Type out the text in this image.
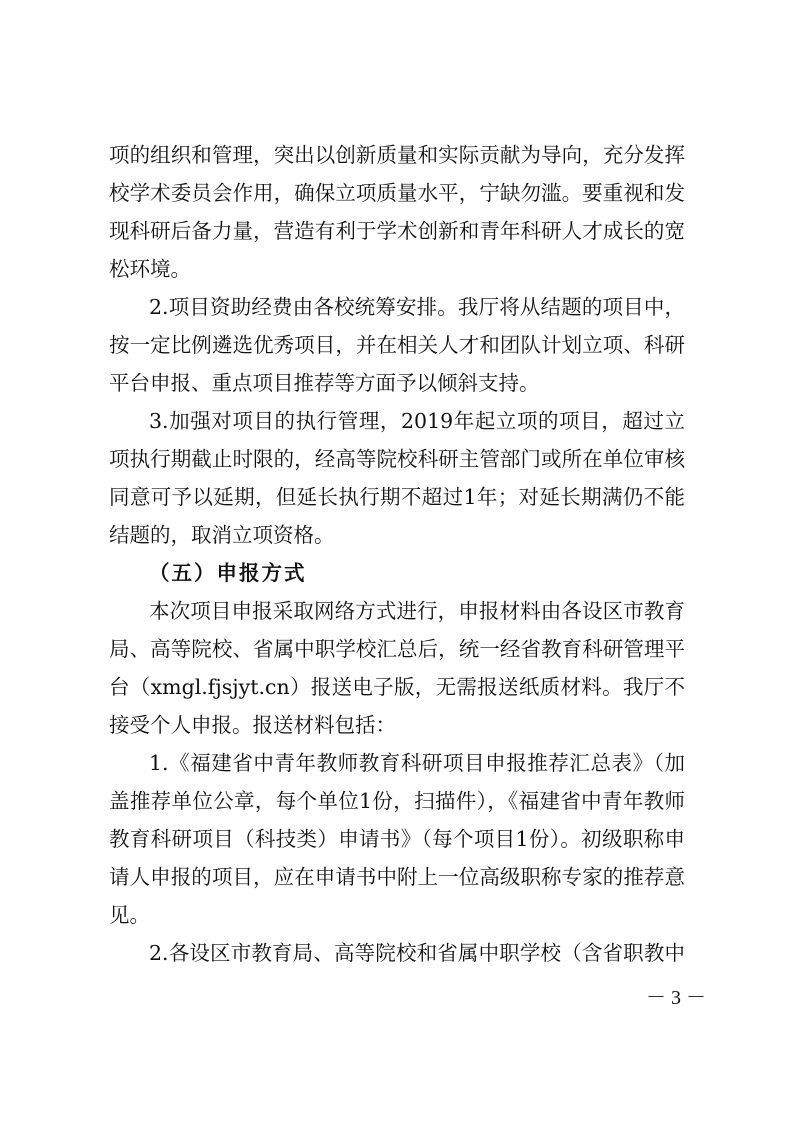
项的组织和管理，突出以创新质量和实际贡献为导向，充分发挥
校学术委员会作用，确保立项质量水平，宁缺勿滥。要重视和发
现科研后备力量，营造有利于学术创新和青年科研人才成长的宽
松环境。
2.项目资助经费由各校统筹安排。我厅将从结题的项目中，
按一定比例遴选优秀项目，并在相关人才和团队计划立项、科研
平台申报、重点项目推荐等方面予以倾斜支持。
3.加强对项目的执行管理，2019年起立项的项目，超过立
项执行期截止时限的，经高等院校科研主管部门或所在单位审核
同意可予以延期，但延长执行期不超过1年；对延长期满仍不能
结题的，取消立项资格。
（五）申报方式
本次项目申报采取网络方式进行，申报材料由各设区市教育
局、高等院校、省属中职学校汇总后，统一经省教育科研管理平
台（xmgl.fjsjyt.cn）报送电子版，无需报送纸质材料。我厅不
接受个人申报。报送材料包括：
1.《福建省中青年教师教育科研项目申报推荐汇总表》（加
盖推荐单位公章，每个单位1份，扫描件），《福建省中青年教师
教育科研项目（科技类）申请书》（每个项目1份）。初级职称申
请人申报的项目，应在申请书中附上一位高级职称专家的推荐意
见。
2.各设区市教育局、高等院校和省属中职学校（含省职教中
－ 3 －
